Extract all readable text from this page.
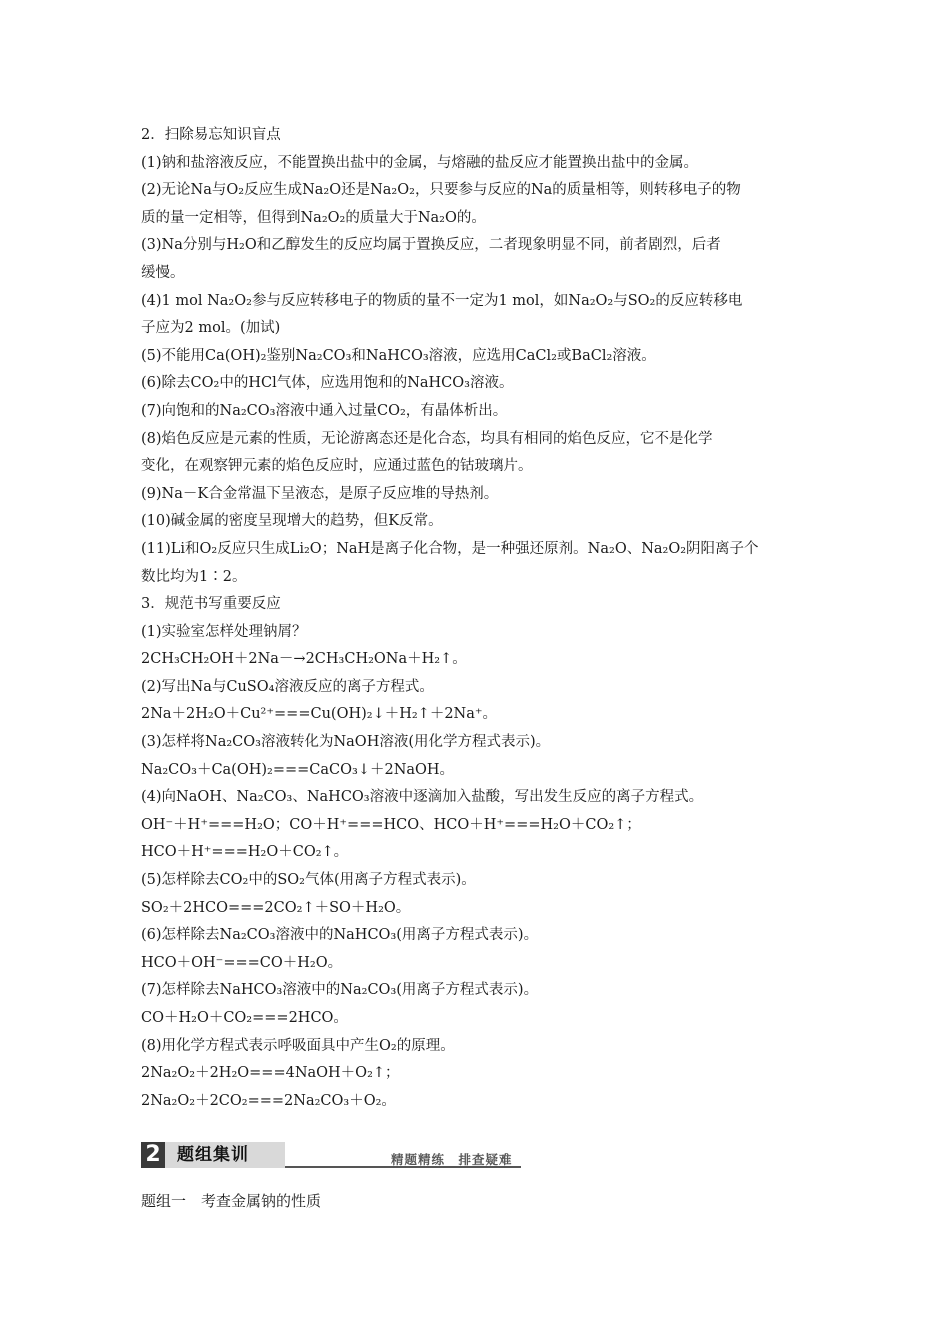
2．扫除易忘知识盲点
(1)钠和盐溶液反应，不能置换出盐中的金属，与熔融的盐反应才能置换出盐中的金属。
(2)无论Na与O₂反应生成Na₂O还是Na₂O₂，只要参与反应的Na的质量相等，则转移电子的物
质的量一定相等，但得到Na₂O₂的质量大于Na₂O的。
(3)Na分别与H₂O和乙醇发生的反应均属于置换反应，二者现象明显不同，前者剧烈，后者
缓慢。
(4)1 mol Na₂O₂参与反应转移电子的物质的量不一定为1 mol，如Na₂O₂与SO₂的反应转移电
子应为2 mol。(加试)
(5)不能用Ca(OH)₂鉴别Na₂CO₃和NaHCO₃溶液，应选用CaCl₂或BaCl₂溶液。
(6)除去CO₂中的HCl气体，应选用饱和的NaHCO₃溶液。
(7)向饱和的Na₂CO₃溶液中通入过量CO₂，有晶体析出。
(8)焰色反应是元素的性质，无论游离态还是化合态，均具有相同的焰色反应，它不是化学
变化，在观察钾元素的焰色反应时，应通过蓝色的钴玻璃片。
(9)Na－K合金常温下呈液态，是原子反应堆的导热剂。
(10)碱金属的密度呈现增大的趋势，但K反常。
(11)Li和O₂反应只生成Li₂O；NaH是离子化合物，是一种强还原剂。Na₂O、Na₂O₂阴阳离子个
数比均为1∶2。
3．规范书写重要反应
(1)实验室怎样处理钠屑？
2CH₃CH₂OH＋2Na－→2CH₃CH₂ONa＋H₂↑。
(2)写出Na与CuSO₄溶液反应的离子方程式。
2Na＋2H₂O＋Cu²⁺===Cu(OH)₂↓＋H₂↑＋2Na⁺。
(3)怎样将Na₂CO₃溶液转化为NaOH溶液(用化学方程式表示)。
Na₂CO₃＋Ca(OH)₂===CaCO₃↓＋2NaOH。
(4)向NaOH、Na₂CO₃、NaHCO₃溶液中逐滴加入盐酸，写出发生反应的离子方程式。
OH⁻＋H⁺===H₂O；CO＋H⁺===HCO、HCO＋H⁺===H₂O＋CO₂↑；
HCO＋H⁺===H₂O＋CO₂↑。
(5)怎样除去CO₂中的SO₂气体(用离子方程式表示)。
SO₂＋2HCO===2CO₂↑＋SO＋H₂O。
(6)怎样除去Na₂CO₃溶液中的NaHCO₃(用离子方程式表示)。
HCO＋OH⁻===CO＋H₂O。
(7)怎样除去NaHCO₃溶液中的Na₂CO₃(用离子方程式表示)。
CO＋H₂O＋CO₂===2HCO。
(8)用化学方程式表示呼吸面具中产生O₂的原理。
2Na₂O₂＋2H₂O===4NaOH＋O₂↑；
2Na₂O₂＋2CO₂===2Na₂CO₃＋O₂。
2 题组集训	精题精练　排查疑难
题组一　考查金属钠的性质
